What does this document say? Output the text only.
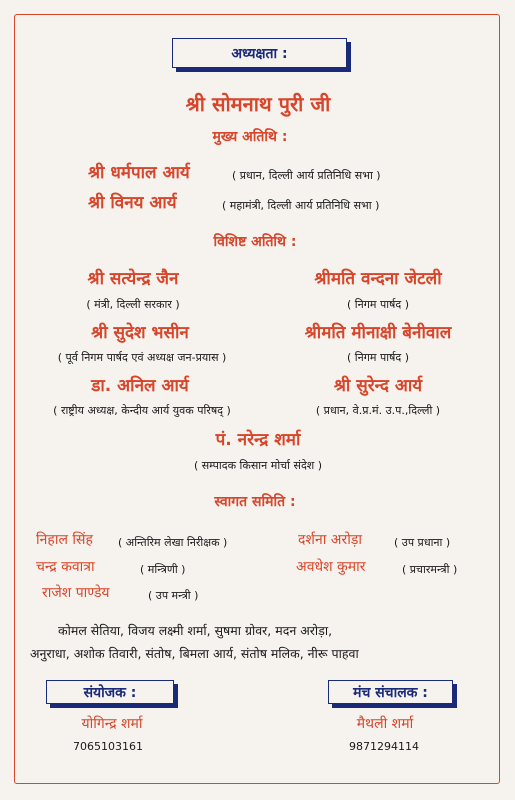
अध्यक्षता :
श्री सोमनाथ पुरी जी
मुख्य अतिथि :
श्री धर्मपाल आर्य	( प्रधान, दिल्ली आर्य प्रतिनिधि सभा )
श्री विनय आर्य	( महामंत्री, दिल्ली आर्य प्रतिनिधि सभा )
विशिष्ट अतिथि :
श्री सत्येन्द्र जैन
( मंत्री, दिल्ली सरकार )
श्री सुदेश भसीन
( पूर्व निगम पार्षद एवं अध्यक्ष जन-प्रयास )
डा. अनिल आर्य
( राष्ट्रीय अध्यक्ष, केन्दीय आर्य युवक परिषद् )
श्रीमति वन्दना जेटली
( निगम पार्षद )
श्रीमति मीनाक्षी बेनीवाल
( निगम पार्षद )
श्री सुरेन्द आर्य
( प्रधान, वे.प्र.मं. उ.प.,दिल्ली )
पं. नरेन्द्र शर्मा
( सम्पादक किसान मोर्चा संदेश )
स्वागत समिति :
निहाल सिंह ( अन्तिरिम लेखा निरीक्षक )	दर्शना अरोड़ा	( उप प्रधाना )
चन्द्र कवात्रा	( मन्त्रिणी )	अवधेश कुमार	( प्रचारमन्त्री )
राजेश पाण्डेय	( उप मन्त्री )
कोमल सेतिया, विजय लक्ष्मी शर्मा, सुषमा ग्रोवर, मदन अरोड़ा,
अनुराधा, अशोक तिवारी, संतोष, बिमला आर्य, संतोष मलिक, नीरू पाहवा
संयोजक :
योगिन्द्र शर्मा
7065103161
मंच संचालक :
मैथली शर्मा
9871294114
